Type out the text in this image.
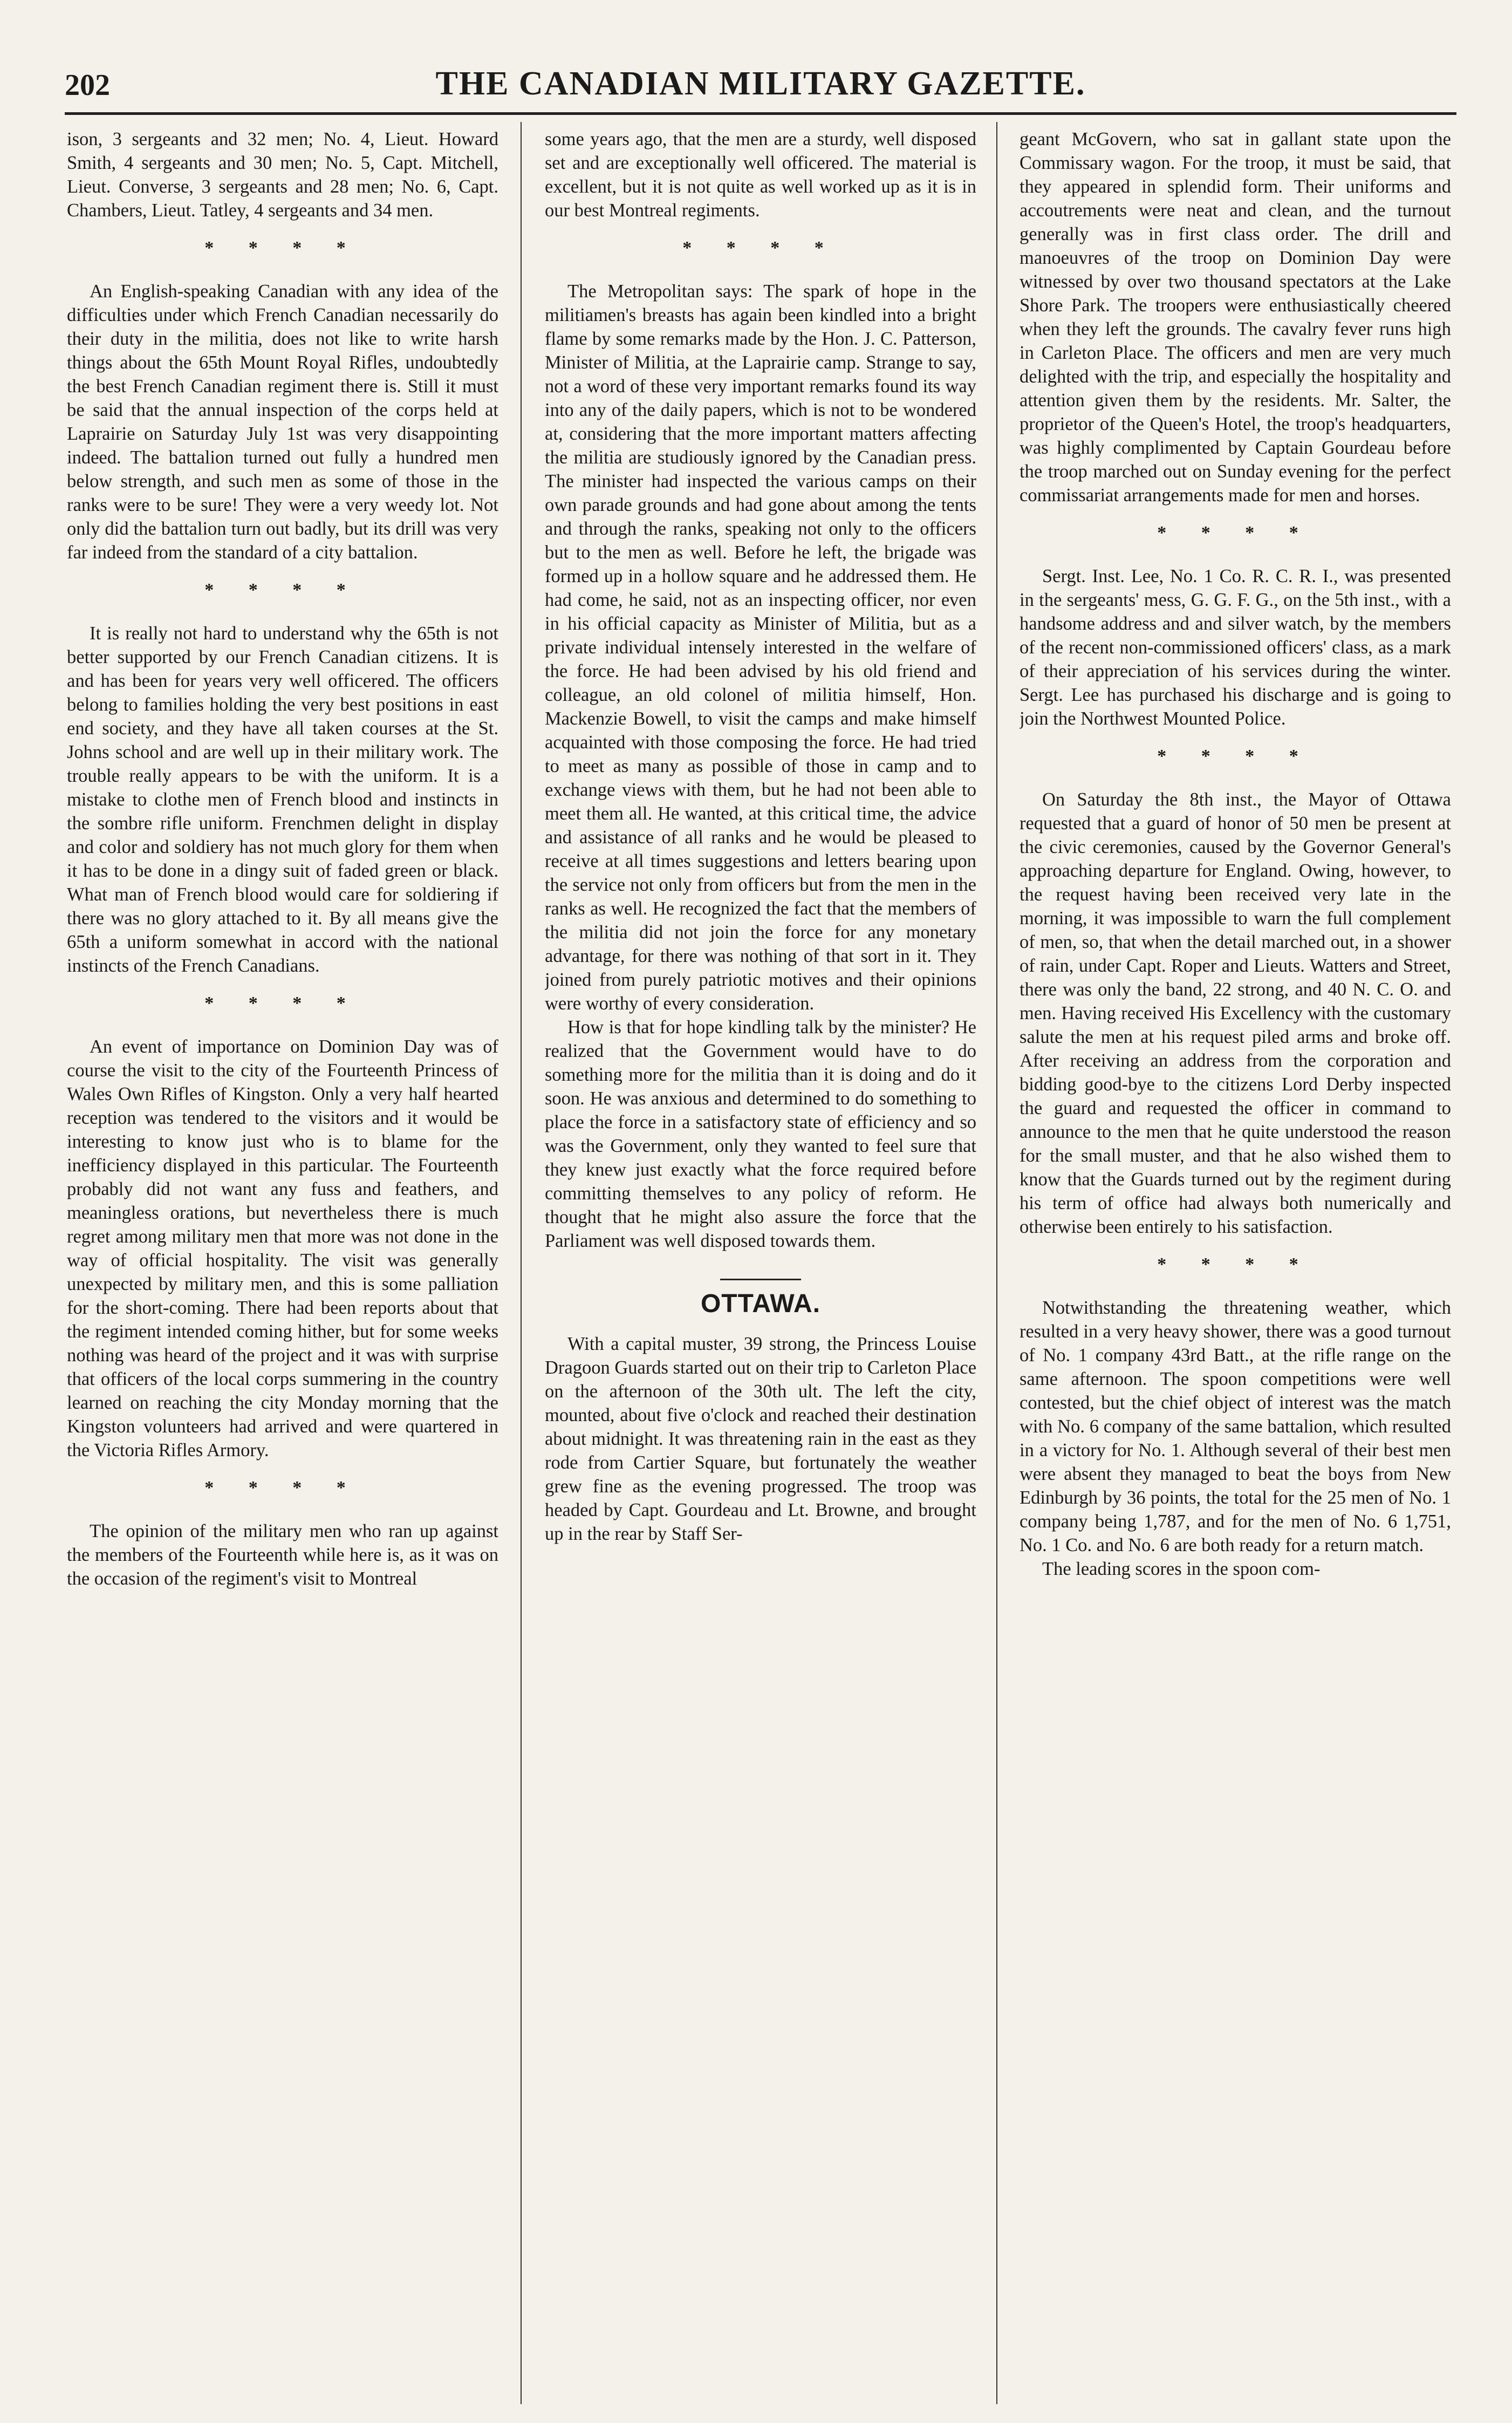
202	THE CANADIAN MILITARY GAZETTE.

ison, 3 sergeants and 32 men; No. 4, Lieut. Howard Smith, 4 sergeants and 30 men; No. 5, Capt. Mitchell, Lieut. Converse, 3 sergeants and 28 men; No. 6, Capt. Chambers, Lieut. Tatley, 4 sergeants and 34 men.

* * * *

An English-speaking Canadian with any idea of the difficulties under which French Canadian necessarily do their duty in the militia, does not like to write harsh things about the 65th Mount Royal Rifles, undoubtedly the best French Canadian regiment there is. Still it must be said that the annual inspection of the corps held at Laprairie on Saturday July 1st was very disappointing indeed. The battalion turned out fully a hundred men below strength, and such men as some of those in the ranks were to be sure! They were a very weedy lot. Not only did the battalion turn out badly, but its drill was very far indeed from the standard of a city battalion.

* * * *

It is really not hard to understand why the 65th is not better supported by our French Canadian citizens. It is and has been for years very well officered. The officers belong to families holding the very best positions in east end society, and they have all taken courses at the St. Johns school and are well up in their military work. The trouble really appears to be with the uniform. It is a mistake to clothe men of French blood and instincts in the sombre rifle uniform. Frenchmen delight in display and color and soldiery has not much glory for them when it has to be done in a dingy suit of faded green or black. What man of French blood would care for soldiering if there was no glory attached to it. By all means give the 65th a uniform somewhat in accord with the national instincts of the French Canadians.

* * * *

An event of importance on Dominion Day was of course the visit to the city of the Fourteenth Princess of Wales Own Rifles of Kingston. Only a very half hearted reception was tendered to the visitors and it would be interesting to know just who is to blame for the inefficiency displayed in this particular. The Fourteenth probably did not want any fuss and feathers, and meaningless orations, but nevertheless there is much regret among military men that more was not done in the way of official hospitality. The visit was generally unexpected by military men, and this is some palliation for the short-coming. There had been reports about that the regiment intended coming hither, but for some weeks nothing was heard of the project and it was with surprise that officers of the local corps summering in the country learned on reaching the city Monday morning that the Kingston volunteers had arrived and were quartered in the Victoria Rifles Armory.

* * * *

The opinion of the military men who ran up against the members of the Fourteenth while here is, as it was on the occasion of the regiment's visit to Montreal

some years ago, that the men are a sturdy, well disposed set and are exceptionally well officered. The material is excellent, but it is not quite as well worked up as it is in our best Montreal regiments.

* * * *

The Metropolitan says: The spark of hope in the militiamen's breasts has again been kindled into a bright flame by some remarks made by the Hon. J. C. Patterson, Minister of Militia, at the Laprairie camp. Strange to say, not a word of these very important remarks found its way into any of the daily papers, which is not to be wondered at, considering that the more important matters affecting the militia are studiously ignored by the Canadian press. The minister had inspected the various camps on their own parade grounds and had gone about among the tents and through the ranks, speaking not only to the officers but to the men as well. Before he left, the brigade was formed up in a hollow square and he addressed them. He had come, he said, not as an inspecting officer, nor even in his official capacity as Minister of Militia, but as a private individual intensely interested in the welfare of the force. He had been advised by his old friend and colleague, an old colonel of militia himself, Hon. Mackenzie Bowell, to visit the camps and make himself acquainted with those composing the force. He had tried to meet as many as possible of those in camp and to exchange views with them, but he had not been able to meet them all. He wanted, at this critical time, the advice and assistance of all ranks and he would be pleased to receive at all times suggestions and letters bearing upon the service not only from officers but from the men in the ranks as well. He recognized the fact that the members of the militia did not join the force for any monetary advantage, for there was nothing of that sort in it. They joined from purely patriotic motives and their opinions were worthy of every consideration.

How is that for hope kindling talk by the minister? He realized that the Government would have to do something more for the militia than it is doing and do it soon. He was anxious and determined to do something to place the force in a satisfactory state of efficiency and so was the Government, only they wanted to feel sure that they knew just exactly what the force required before committing themselves to any policy of reform. He thought that he might also assure the force that the Parliament was well disposed towards them.

OTTAWA.

With a capital muster, 39 strong, the Princess Louise Dragoon Guards started out on their trip to Carleton Place on the afternoon of the 30th ult. The left the city, mounted, about five o'clock and reached their destination about midnight. It was threatening rain in the east as they rode from Cartier Square, but fortunately the weather grew fine as the evening progressed. The troop was headed by Capt. Gourdeau and Lt. Browne, and brought up in the rear by Staff Ser-

geant McGovern, who sat in gallant state upon the Commissary wagon. For the troop, it must be said, that they appeared in splendid form. Their uniforms and accoutrements were neat and clean, and the turnout generally was in first class order. The drill and manoeuvres of the troop on Dominion Day were witnessed by over two thousand spectators at the Lake Shore Park. The troopers were enthusiastically cheered when they left the grounds. The cavalry fever runs high in Carleton Place. The officers and men are very much delighted with the trip, and especially the hospitality and attention given them by the residents. Mr. Salter, the proprietor of the Queen's Hotel, the troop's headquarters, was highly complimented by Captain Gourdeau before the troop marched out on Sunday evening for the perfect commissariat arrangements made for men and horses.

* * * *

Sergt. Inst. Lee, No. 1 Co. R. C. R. I., was presented in the sergeants' mess, G. G. F. G., on the 5th inst., with a handsome address and and silver watch, by the members of the recent non-commissioned officers' class, as a mark of their appreciation of his services during the winter. Sergt. Lee has purchased his discharge and is going to join the Northwest Mounted Police.

* * * *

On Saturday the 8th inst., the Mayor of Ottawa requested that a guard of honor of 50 men be present at the civic ceremonies, caused by the Governor General's approaching departure for England. Owing, however, to the request having been received very late in the morning, it was impossible to warn the full complement of men, so, that when the detail marched out, in a shower of rain, under Capt. Roper and Lieuts. Watters and Street, there was only the band, 22 strong, and 40 N. C. O. and men. Having received His Excellency with the customary salute the men at his request piled arms and broke off. After receiving an address from the corporation and bidding good-bye to the citizens Lord Derby inspected the guard and requested the officer in command to announce to the men that he quite understood the reason for the small muster, and that he also wished them to know that the Guards turned out by the regiment during his term of office had always both numerically and otherwise been entirely to his satisfaction.

* * * *

Notwithstanding the threatening weather, which resulted in a very heavy shower, there was a good turnout of No. 1 company 43rd Batt., at the rifle range on the same afternoon. The spoon competitions were well contested, but the chief object of interest was the match with No. 6 company of the same battalion, which resulted in a victory for No. 1. Although several of their best men were absent they managed to beat the boys from New Edinburgh by 36 points, the total for the 25 men of No. 1 company being 1,787, and for the men of No. 6 1,751, No. 1 Co. and No. 6 are both ready for a return match.

The leading scores in the spoon com-
